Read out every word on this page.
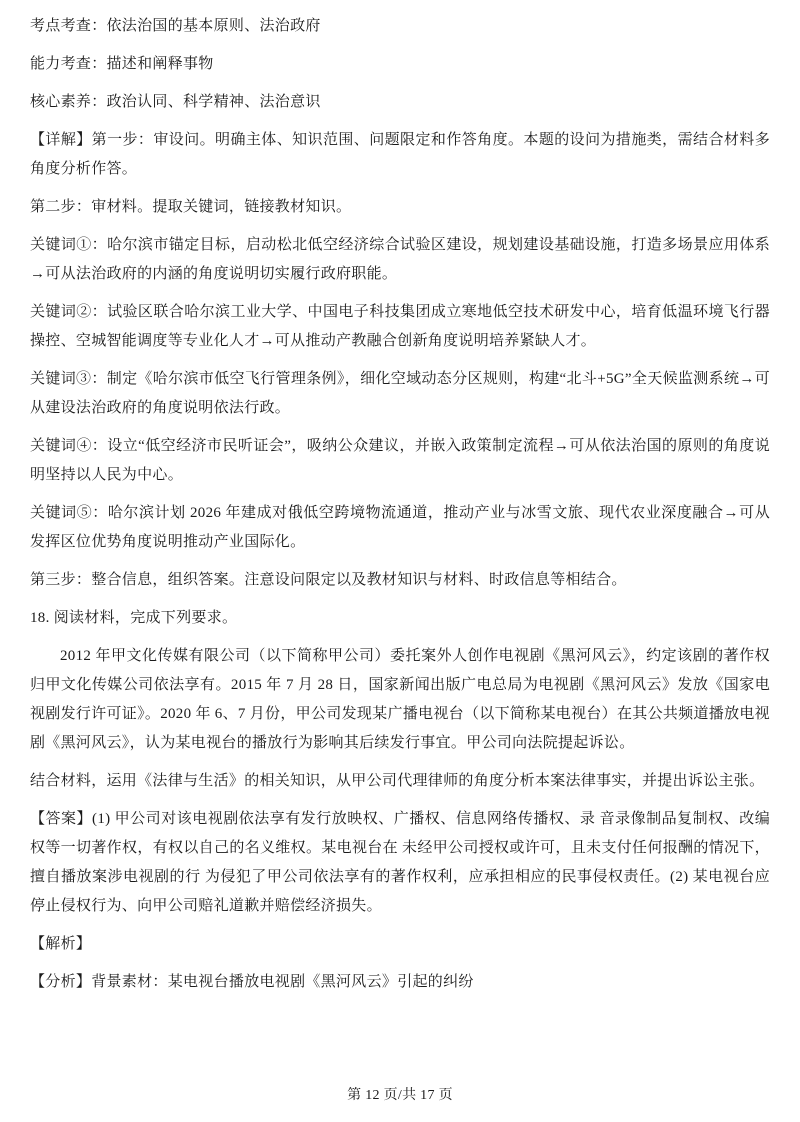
考点考查：依法治国的基本原则、法治政府

能力考查：描述和阐释事物

核心素养：政治认同、科学精神、法治意识

【详解】第一步：审设问。明确主体、知识范围、问题限定和作答角度。本题的设问为措施类，需结合材料多角度分析作答。

第二步：审材料。提取关键词，链接教材知识。

关键词①：哈尔滨市锚定目标，启动松北低空经济综合试验区建设，规划建设基础设施，打造多场景应用体系→可从法治政府的内涵的角度说明切实履行政府职能。

关键词②：试验区联合哈尔滨工业大学、中国电子科技集团成立寒地低空技术研发中心，培育低温环境飞行器操控、空城智能调度等专业化人才→可从推动产教融合创新角度说明培养紧缺人才。

关键词③：制定《哈尔滨市低空飞行管理条例》，细化空域动态分区规则，构建“北斗+5G”全天候监测系统→可从建设法治政府的角度说明依法行政。

关键词④：设立“低空经济市民听证会”，吸纳公众建议，并嵌入政策制定流程→可从依法治国的原则的角度说明坚持以人民为中心。

关键词⑤：哈尔滨计划 2026 年建成对俄低空跨境物流通道，推动产业与冰雪文旅、现代农业深度融合→可从发挥区位优势角度说明推动产业国际化。

第三步：整合信息，组织答案。注意设问限定以及教材知识与材料、时政信息等相结合。

18. 阅读材料，完成下列要求。

2012 年甲文化传媒有限公司（以下简称甲公司）委托案外人创作电视剧《黑河风云》，约定该剧的著作权归甲文化传媒公司依法享有。2015 年 7 月 28 日，国家新闻出版广电总局为电视剧《黑河风云》发放《国家电视剧发行许可证》。2020 年 6、7 月份，甲公司发现某广播电视台（以下简称某电视台）在其公共频道播放电视剧《黑河风云》，认为某电视台的播放行为影响其后续发行事宜。甲公司向法院提起诉讼。

结合材料，运用《法律与生活》的相关知识，从甲公司代理律师的角度分析本案法律事实，并提出诉讼主张。

【答案】(1) 甲公司对该电视剧依法享有发行放映权、广播权、信息网络传播权、录 音录像制品复制权、改编权等一切著作权，有权以自己的名义维权。某电视台在 未经甲公司授权或许可，且未支付任何报酬的情况下，擅自播放案涉电视剧的行 为侵犯了甲公司依法享有的著作权利，应承担相应的民事侵权责任。(2) 某电视台应停止侵权行为、向甲公司赔礼道歉并赔偿经济损失。

【解析】

【分析】背景素材：某电视台播放电视剧《黑河风云》引起的纠纷

第 12 页/共 17 页
